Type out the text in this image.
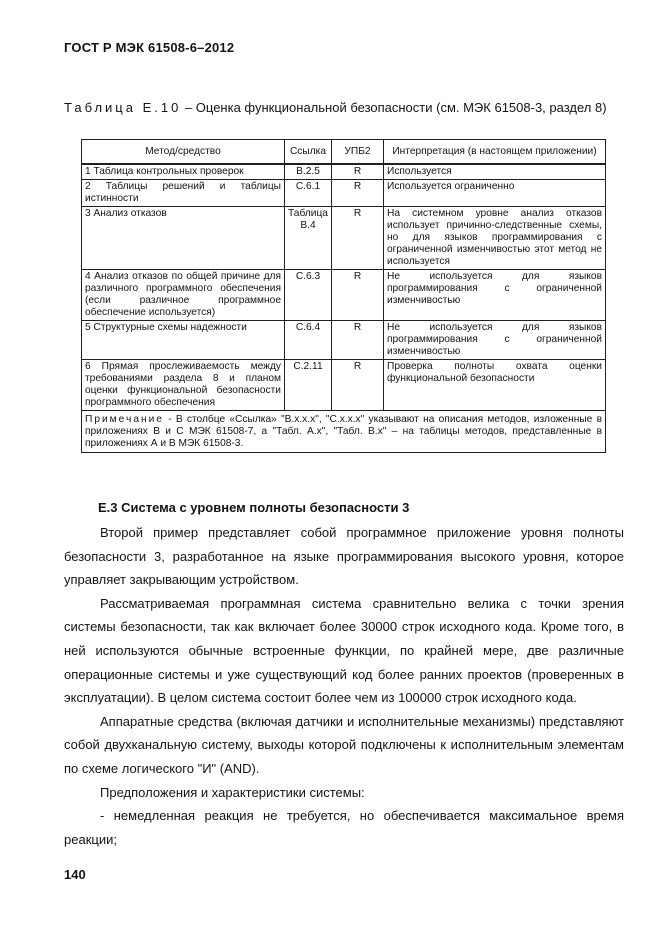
ГОСТ Р МЭК 61508-6–2012
Таблица Е.10 – Оценка функциональной безопасности (см. МЭК 61508-3, раздел 8)
Метод/средство	Ссылка	УПБ2	Интерпретация (в настоящем приложении)
1 Таблица контрольных проверок	B.2.5	R	Используется
2 Таблицы решений и таблицы истинности	C.6.1	R	Используется ограниченно
3 Анализ отказов	Таблица B.4	R	На системном уровне анализ отказов использует причинно-следственные схемы, но для языков программирования с ограниченной изменчивостью этот метод не используется
4 Анализ отказов по общей причине для различного программного обеспечения (если различное программное обеспечение используется)	C.6.3	R	Не используется для языков программирования с ограниченной изменчивостью
5 Структурные схемы надежности	C.6.4	R	Не используется для языков программирования с ограниченной изменчивостью
6 Прямая прослеживаемость между требованиями раздела 8 и планом оценки функциональной безопасности программного обеспечения	C.2.11	R	Проверка полноты охвата оценки функциональной безопасности
Примечание - В столбце «Ссылка» "B.x.x.x", "C.x.x.x" указывают на описания методов, изложенные в приложениях В и С МЭК 61508-7, а "Табл. A.x", "Табл. B.x" – на таблицы методов, представленные в приложениях А и В МЭК 61508-3.			
Е.3 Система с уровнем полноты безопасности 3

Второй пример представляет собой программное приложение уровня полноты безопасности 3, разработанное на языке программирования высокого уровня, которое управляет закрывающим устройством.

Рассматриваемая программная система сравнительно велика с точки зрения системы безопасности, так как включает более 30000 строк исходного кода. Кроме того, в ней используются обычные встроенные функции, по крайней мере, две различные операционные системы и уже существующий код более ранних проектов (проверенных в эксплуатации). В целом система состоит более чем из 100000 строк исходного кода.

Аппаратные средства (включая датчики и исполнительные механизмы) представляют собой двухканальную систему, выходы которой подключены к исполнительным элементам по схеме логического "И" (AND).

Предположения и характеристики системы:

- немедленная реакция не требуется, но обеспечивается максимальное время реакции;

140
